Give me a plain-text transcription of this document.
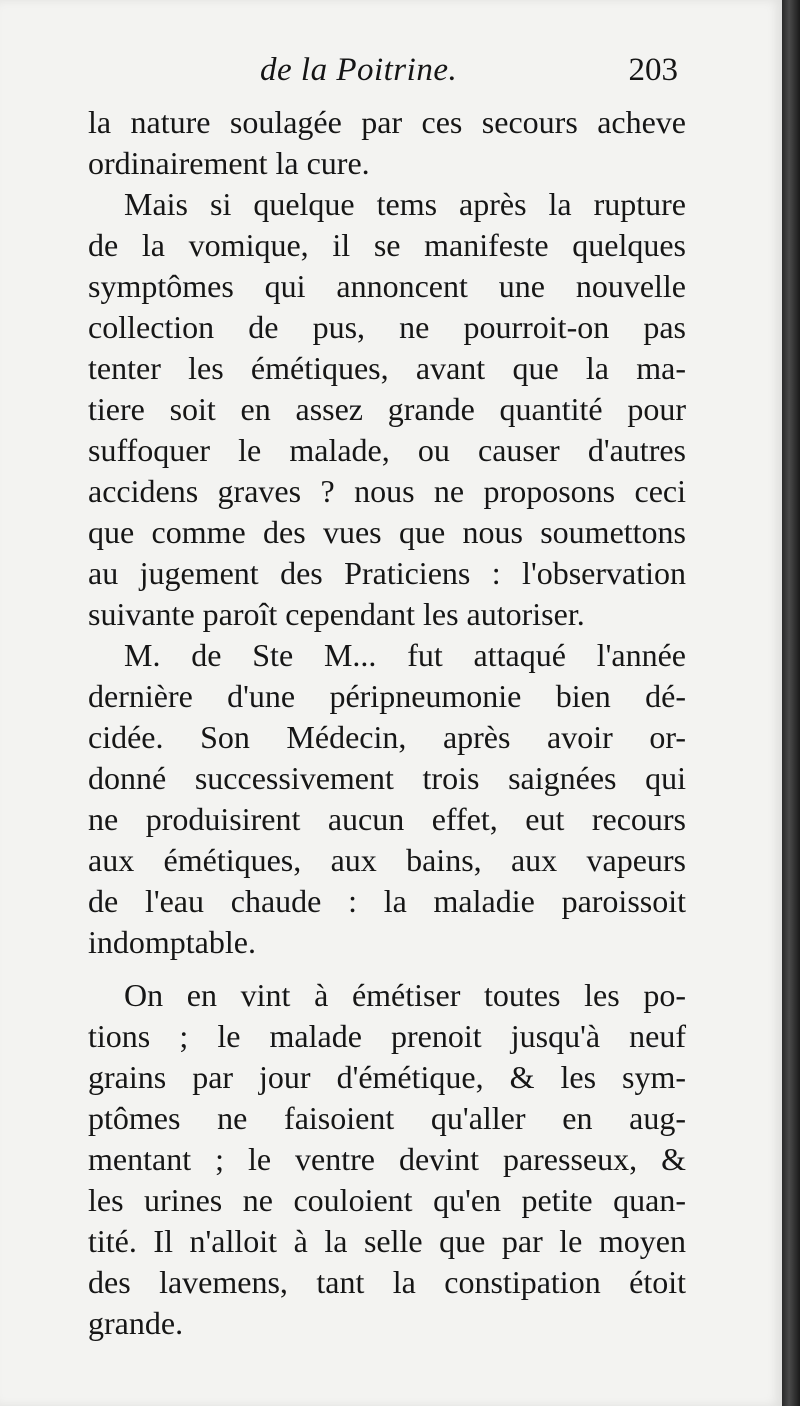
de la Poitrine.	203
la nature soulagée par ces secours acheve
ordinairement la cure.
Mais si quelque tems après la rupture
de la vomique, il se manifeste quelques
symptômes qui annoncent une nouvelle
collection de pus, ne pourroit-on pas
tenter les émétiques, avant que la ma-
tiere soit en assez grande quantité pour
suffoquer le malade, ou causer d'autres
accidens graves ? nous ne proposons ceci
que comme des vues que nous soumettons
au jugement des Praticiens : l'observation
suivante paroît cependant les autoriser.
M. de Ste M... fut attaqué l'année
dernière d'une péripneumonie bien dé-
cidée. Son Médecin, après avoir or-
donné successivement trois saignées qui
ne produisirent aucun effet, eut recours
aux émétiques, aux bains, aux vapeurs
de l'eau chaude : la maladie paroissoit
indomptable.
On en vint à émétiser toutes les po-
tions ; le malade prenoit jusqu'à neuf
grains par jour d'émétique, & les sym-
ptômes ne faisoient qu'aller en aug-
mentant ; le ventre devint paresseux, &
les urines ne couloient qu'en petite quan-
tité. Il n'alloit à la selle que par le moyen
des lavemens, tant la constipation étoit
grande.
